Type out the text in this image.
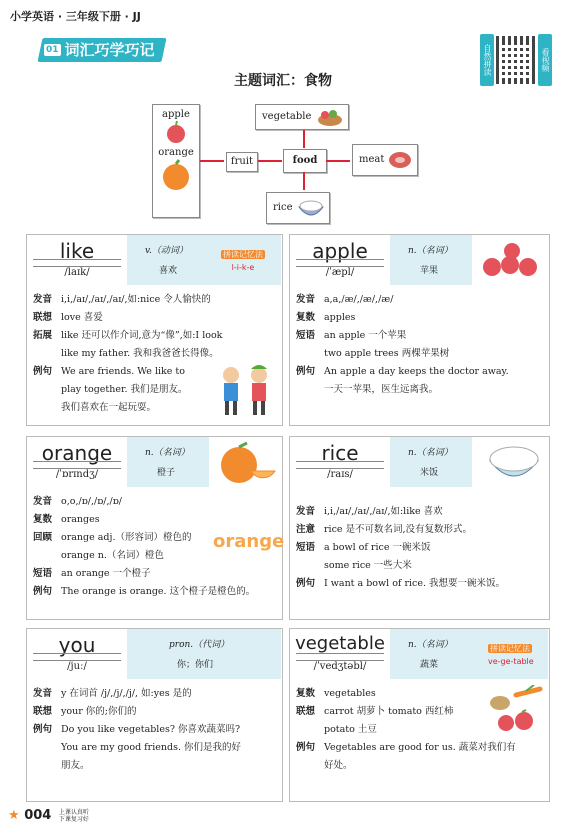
小学英语 · 三年级下册 · JJ
01 词汇巧学巧记	自然拼读	看视频
主题词汇：食物
apple
orange
fruit	food
vegetable
meat
rice
like
/laɪk/
v.（动词）
喜欢
拼读记忆法
l-i-k-e
发音 i,i,/aɪ/,/aɪ/,/aɪ/,如:nice 令人愉快的
联想 love 喜爱
拓展 like 还可以作介词,意为“像”,如:I look
like my father. 我和我爸爸长得像。
例句 We are friends. We like to
play together. 我们是朋友。
我们喜欢在一起玩耍。
apple
/ˈæpl/
n.（名词）
苹果
发音 a,a,/æ/,/æ/,/æ/
复数 apples
短语 an apple 一个苹果
two apple trees 两棵苹果树
例句 An apple a day keeps the doctor away.
一天一苹果，医生远离我。
orange
/ˈɒrɪndʒ/
n.（名词）
橙子
发音 o,o,/ɒ/,/ɒ/,/ɒ/
复数 oranges
回顾 orange adj.（形容词）橙色的
orange n.（名词）橙色
短语 an orange 一个橙子
例句 The orange is orange. 这个橙子是橙色的。
orange
rice
/raɪs/
n.（名词）
米饭
发音 i,i,/aɪ/,/aɪ/,/aɪ/,如:like 喜欢
注意 rice 是不可数名词,没有复数形式。
短语 a bowl of rice 一碗米饭
some rice 一些大米
例句 I want a bowl of rice. 我想要一碗米饭。
you
/juː/
pron.（代词）
你；你们
发音 y 在词首 /j/,/j/,/j/, 如:yes 是的
联想 your 你的;你们的
例句 Do you like vegetables? 你喜欢蔬菜吗?
You are my good friends. 你们是我的好
朋友。
vegetable
/ˈvedʒtəbl/
n.（名词）
蔬菜
拼读记忆法
ve-ge-table
复数 vegetables
联想 carrot 胡萝卜 tomato 西红柿
potato 土豆
例句 Vegetables are good for us. 蔬菜对我们有
好处。
★ 004 上课认真听
下课复习好
